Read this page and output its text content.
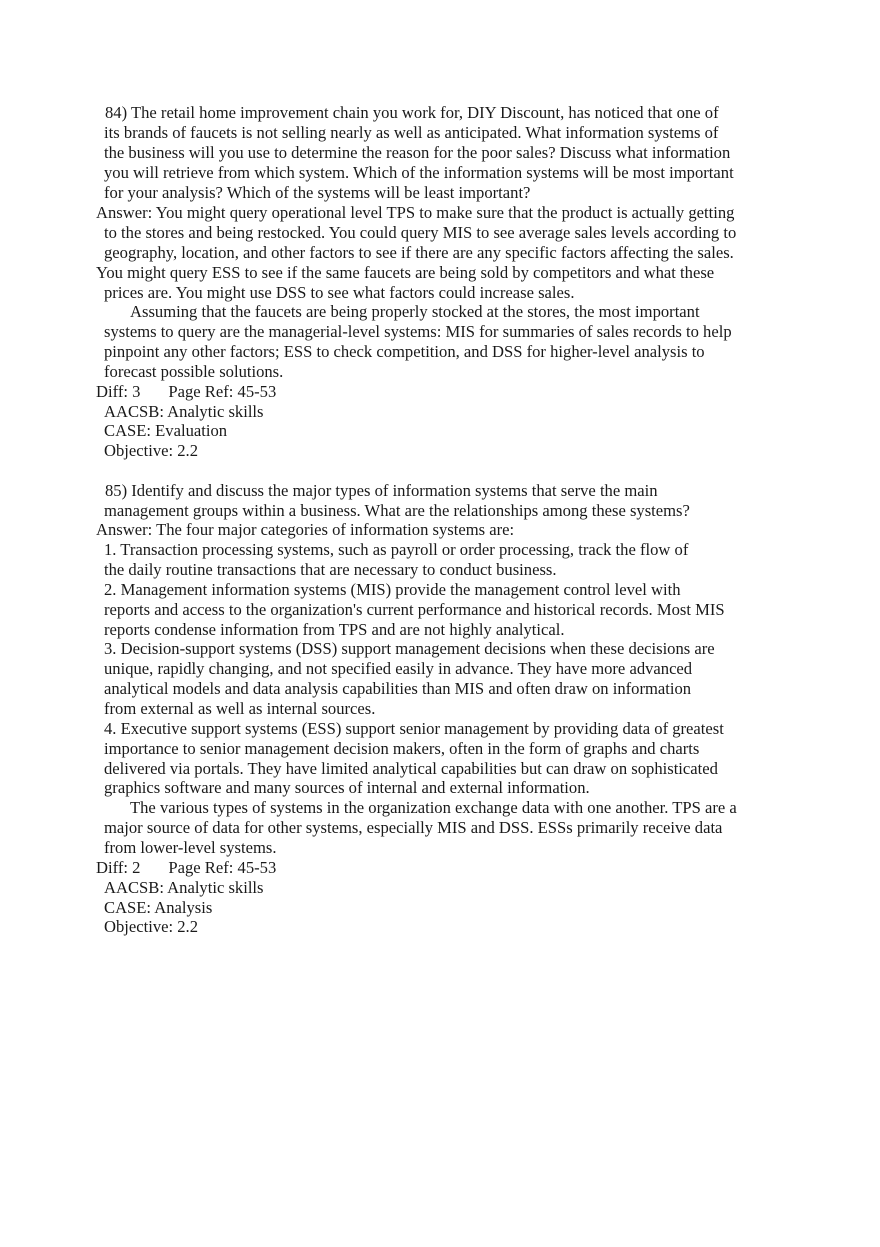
84) The retail home improvement chain you work for, DIY Discount, has noticed that one of
its brands of faucets is not selling nearly as well as anticipated. What information systems of
the business will you use to determine the reason for the poor sales? Discuss what information
you will retrieve from which system. Which of the information systems will be most important
for your analysis? Which of the systems will be least important?
Answer: You might query operational level TPS to make sure that the product is actually getting
to the stores and being restocked. You could query MIS to see average sales levels according to
geography, location, and other factors to see if there are any specific factors affecting the sales.
You might query ESS to see if the same faucets are being sold by competitors and what these
prices are. You might use DSS to see what factors could increase sales.
Assuming that the faucets are being properly stocked at the stores, the most important
systems to query are the managerial-level systems: MIS for summaries of sales records to help
pinpoint any other factors; ESS to check competition, and DSS for higher-level analysis to
forecast possible solutions.
Diff: 3 Page Ref: 45-53
AACSB: Analytic skills
CASE: Evaluation
Objective: 2.2
85) Identify and discuss the major types of information systems that serve the main
management groups within a business. What are the relationships among these systems?
Answer: The four major categories of information systems are:
1. Transaction processing systems, such as payroll or order processing, track the flow of
the daily routine transactions that are necessary to conduct business.
2. Management information systems (MIS) provide the management control level with
reports and access to the organization's current performance and historical records. Most MIS
reports condense information from TPS and are not highly analytical.
3. Decision-support systems (DSS) support management decisions when these decisions are
unique, rapidly changing, and not specified easily in advance. They have more advanced
analytical models and data analysis capabilities than MIS and often draw on information
from external as well as internal sources.
4. Executive support systems (ESS) support senior management by providing data of greatest
importance to senior management decision makers, often in the form of graphs and charts
delivered via portals. They have limited analytical capabilities but can draw on sophisticated
graphics software and many sources of internal and external information.
The various types of systems in the organization exchange data with one another. TPS are a
major source of data for other systems, especially MIS and DSS. ESSs primarily receive data
from lower-level systems.
Diff: 2 Page Ref: 45-53
AACSB: Analytic skills
CASE: Analysis
Objective: 2.2
